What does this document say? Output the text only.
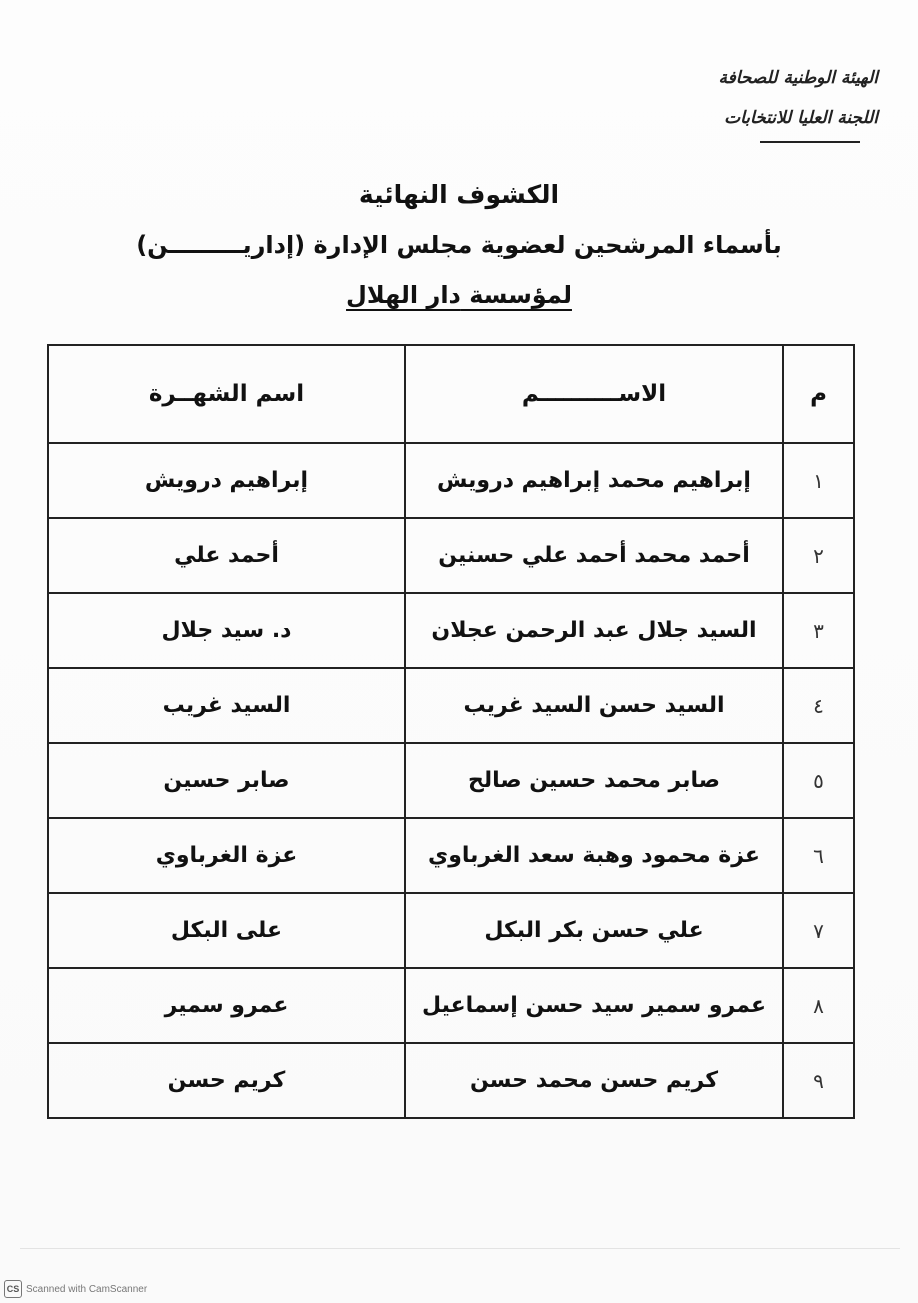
الهيئة الوطنية للصحافة
اللجنة العليا للانتخابات
الكشوف النهائية
بأسماء المرشحين لعضوية مجلس الإدارة (إداريـــــــــن)
لمؤسسة دار الهلال
م	الاســــــــــم	اسم الشهــرة
١	إبراهيم محمد إبراهيم درويش	إبراهيم درويش
٢	أحمد محمد أحمد علي حسنين	أحمد علي
٣	السيد جلال عبد الرحمن عجلان	د. سيد جلال
٤	السيد حسن السيد غريب	السيد غريب
٥	صابر محمد حسين صالح	صابر حسين
٦	عزة محمود وهبة سعد الغرباوي	عزة الغرباوي
٧	علي حسن بكر البكل	على البكل
٨	عمرو سمير سيد حسن إسماعيل	عمرو سمير
٩	كريم حسن محمد حسن	كريم حسن
CS Scanned with CamScanner
